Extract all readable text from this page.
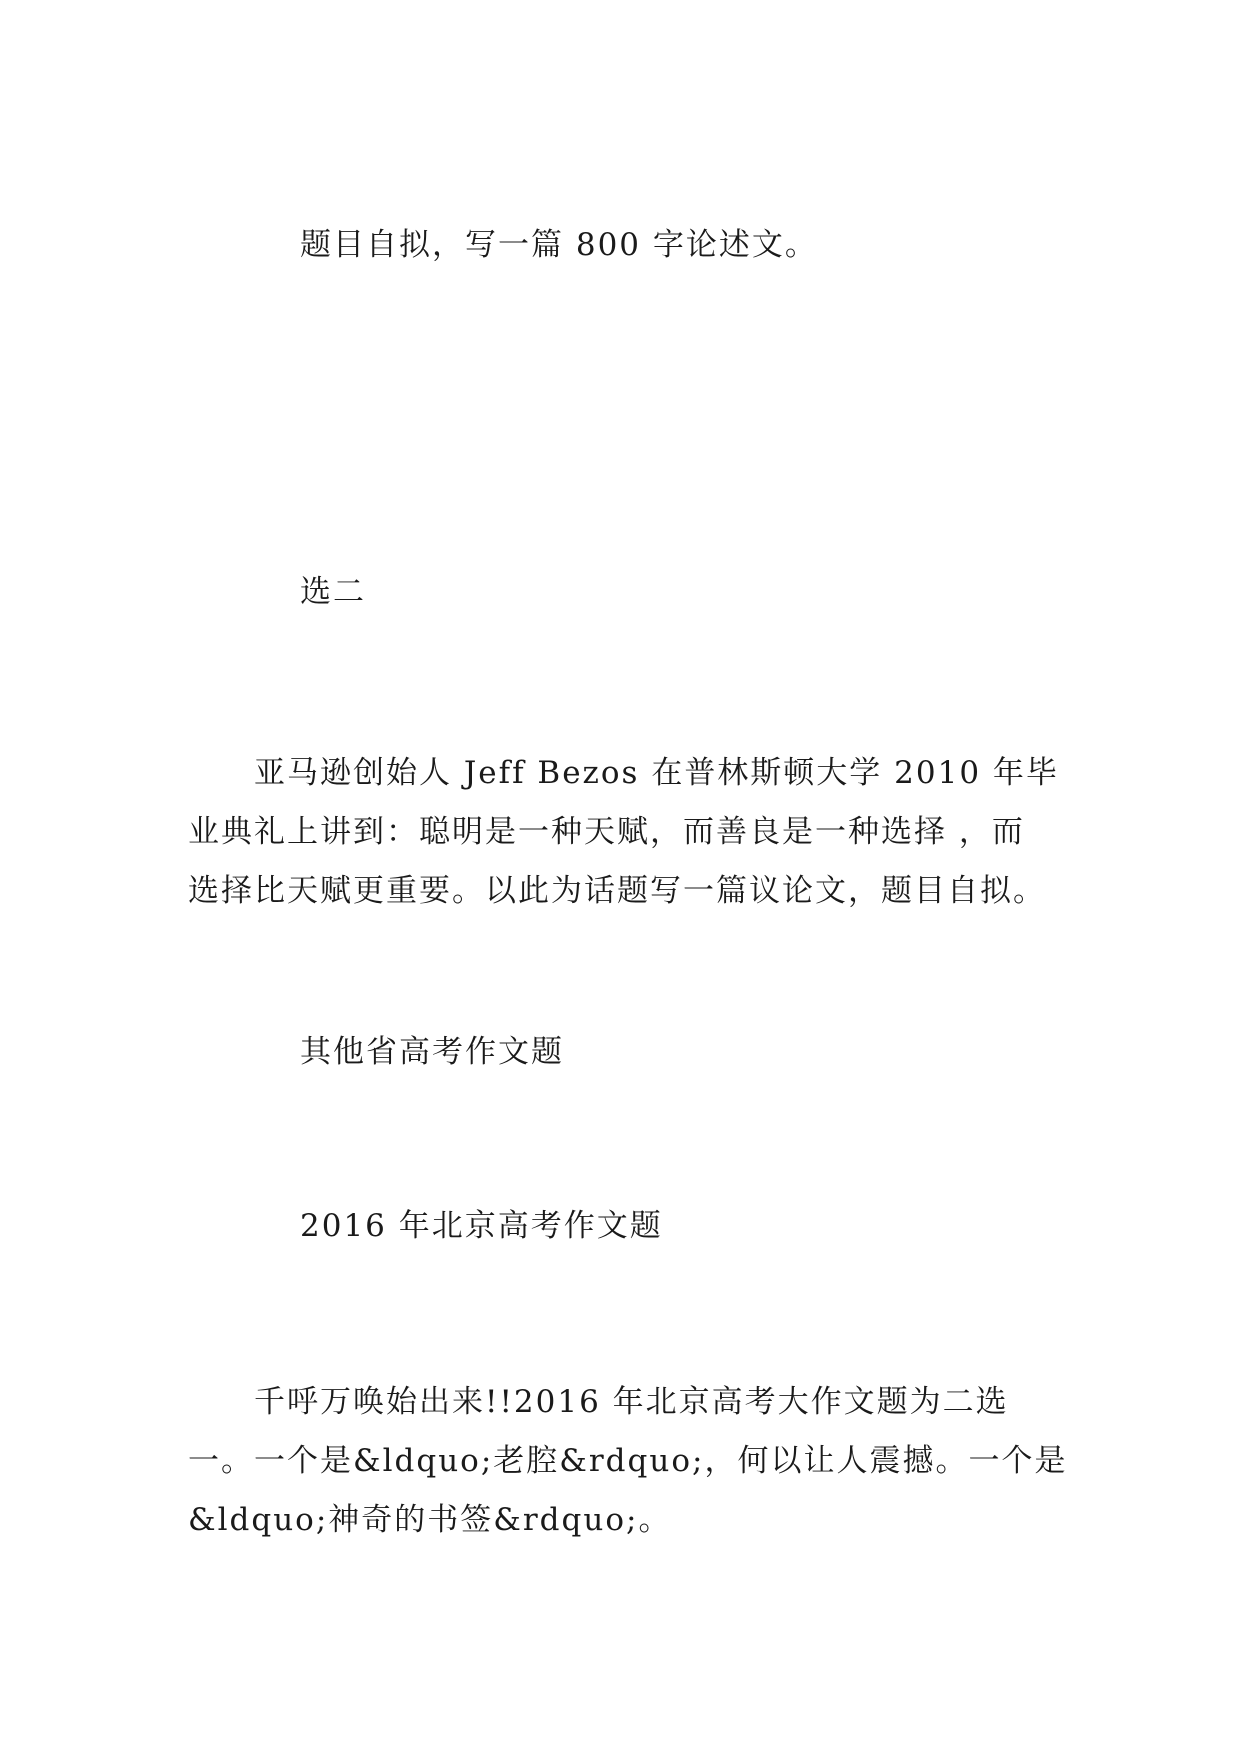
题目自拟，写一篇 800 字论述文。
选二
　　亚马逊创始人 Jeff Bezos 在普林斯顿大学 2010 年毕
业典礼上讲到：聪明是一种天赋，而善良是一种选择 ，而
选择比天赋更重要。以此为话题写一篇议论文，题目自拟。
其他省高考作文题
2016 年北京高考作文题
　　千呼万唤始出来!!2016 年北京高考大作文题为二选
一。一个是&ldquo;老腔&rdquo;，何以让人震撼。一个是
&ldquo;神奇的书签&rdquo;。
